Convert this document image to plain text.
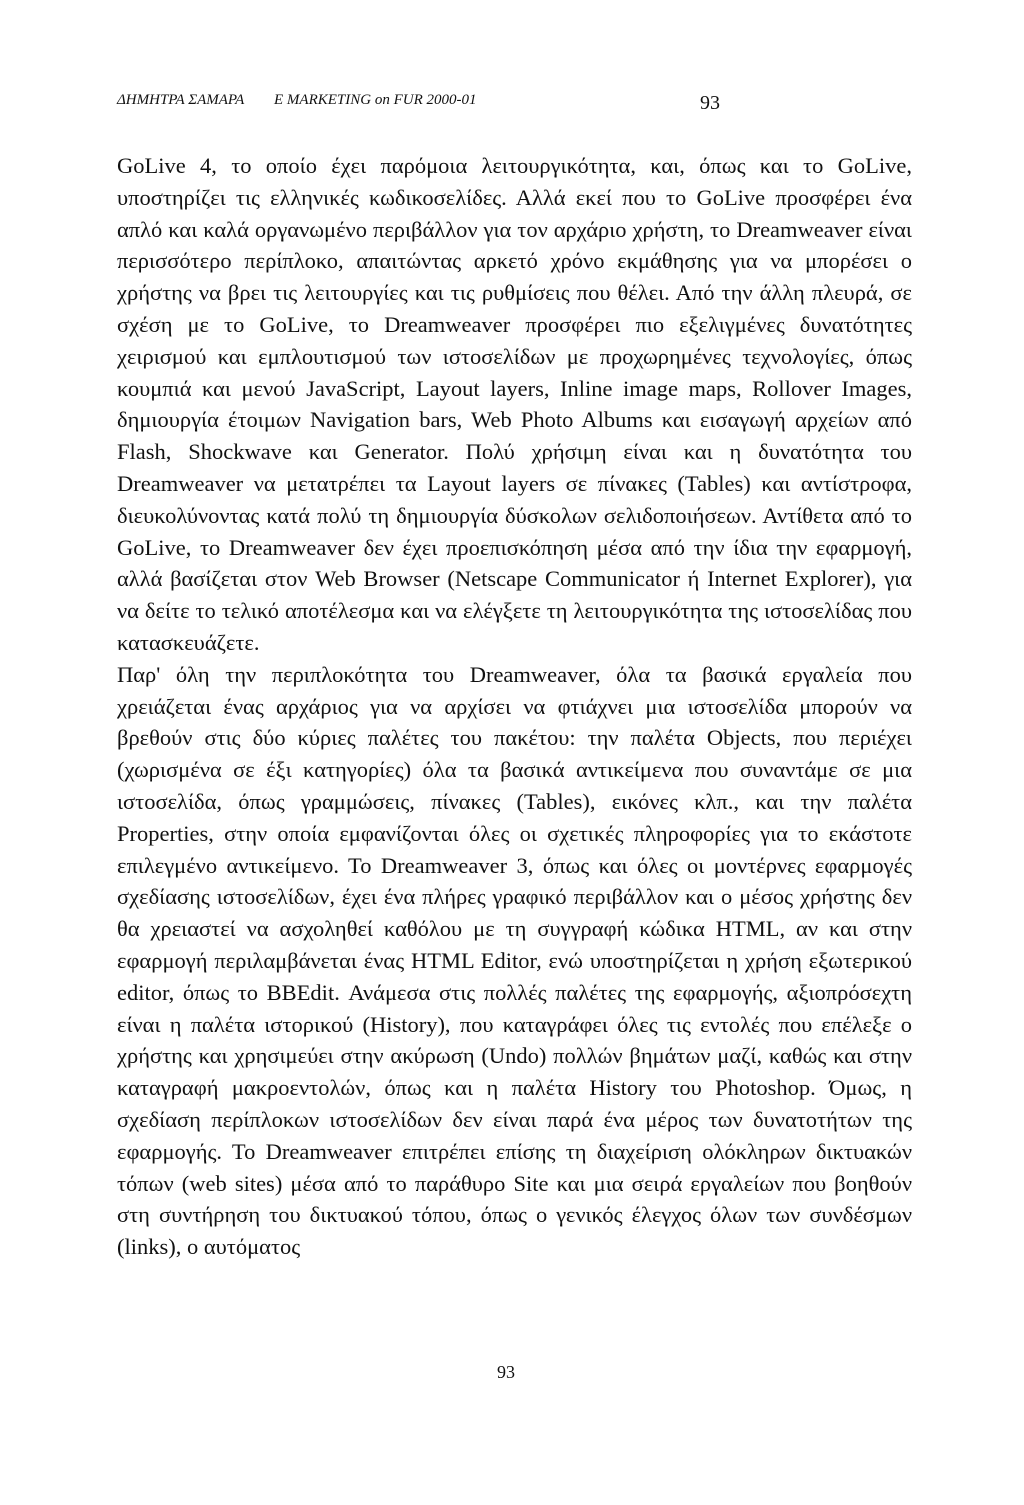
ΔΗΜΗΤΡΑ ΣΑΜΑΡΑ E MARKETING on FUR 2000-01	93

GoLive 4, το οποίο έχει παρόμοια λειτουργικότητα, και, όπως και το GoLive, υποστηρίζει τις ελληνικές κωδικοσελίδες. Αλλά εκεί που το GoLive προσφέρει ένα απλό και καλά οργανωμένο περιβάλλον για τον αρχάριο χρήστη, το Dreamweaver είναι περισσότερο περίπλοκο, απαιτώντας αρκετό χρόνο εκμάθησης για να μπορέσει ο χρήστης να βρει τις λειτουργίες και τις ρυθμίσεις που θέλει. Από την άλλη πλευρά, σε σχέση με το GoLive, το Dreamweaver προσφέρει πιο εξελιγμένες δυνατότητες χειρισμού και εμπλουτισμού των ιστοσελίδων με προχωρημένες τεχνολογίες, όπως κουμπιά και μενού JavaScript, Layout layers, Inline image maps, Rollover Images, δημιουργία έτοιμων Navigation bars, Web Photo Albums και εισαγωγή αρχείων από Flash, Shockwave και Generator. Πολύ χρήσιμη είναι και η δυνατότητα του Dreamweaver να μετατρέπει τα Layout layers σε πίνακες (Tables) και αντίστροφα, διευκολύνοντας κατά πολύ τη δημιουργία δύσκολων σελιδοποιήσεων. Αντίθετα από το GoLive, το Dreamweaver δεν έχει προεπισκόπηση μέσα από την ίδια την εφαρμογή, αλλά βασίζεται στον Web Browser (Netscape Communicator ή Internet Explorer), για να δείτε το τελικό αποτέλεσμα και να ελέγξετε τη λειτουργικότητα της ιστοσελίδας που κατασκευάζετε.

Παρ' όλη την περιπλοκότητα του Dreamweaver, όλα τα βασικά εργαλεία που χρειάζεται ένας αρχάριος για να αρχίσει να φτιάχνει μια ιστοσελίδα μπορούν να βρεθούν στις δύο κύριες παλέτες του πακέτου: την παλέτα Objects, που περιέχει (χωρισμένα σε έξι κατηγορίες) όλα τα βασικά αντικείμενα που συναντάμε σε μια ιστοσελίδα, όπως γραμμώσεις, πίνακες (Tables), εικόνες κλπ., και την παλέτα Properties, στην οποία εμφανίζονται όλες οι σχετικές πληροφορίες για το εκάστοτε επιλεγμένο αντικείμενο. Το Dreamweaver 3, όπως και όλες οι μοντέρνες εφαρμογές σχεδίασης ιστοσελίδων, έχει ένα πλήρες γραφικό περιβάλλον και ο μέσος χρήστης δεν θα χρειαστεί να ασχοληθεί καθόλου με τη συγγραφή κώδικα HTML, αν και στην εφαρμογή περιλαμβάνεται ένας HTML Editor, ενώ υποστηρίζεται η χρήση εξωτερικού editor, όπως το BBEdit. Ανάμεσα στις πολλές παλέτες της εφαρμογής, αξιοπρόσεχτη είναι η παλέτα ιστορικού (History), που καταγράφει όλες τις εντολές που επέλεξε ο χρήστης και χρησιμεύει στην ακύρωση (Undo) πολλών βημάτων μαζί, καθώς και στην καταγραφή μακροεντολών, όπως και η παλέτα History του Photoshop. Όμως, η σχεδίαση περίπλοκων ιστοσελίδων δεν είναι παρά ένα μέρος των δυνατοτήτων της εφαρμογής. Το Dreamweaver επιτρέπει επίσης τη διαχείριση ολόκληρων δικτυακών τόπων (web sites) μέσα από το παράθυρο Site και μια σειρά εργαλείων που βοηθούν στη συντήρηση του δικτυακού τόπου, όπως ο γενικός έλεγχος όλων των συνδέσμων (links), ο αυτόματος

93
